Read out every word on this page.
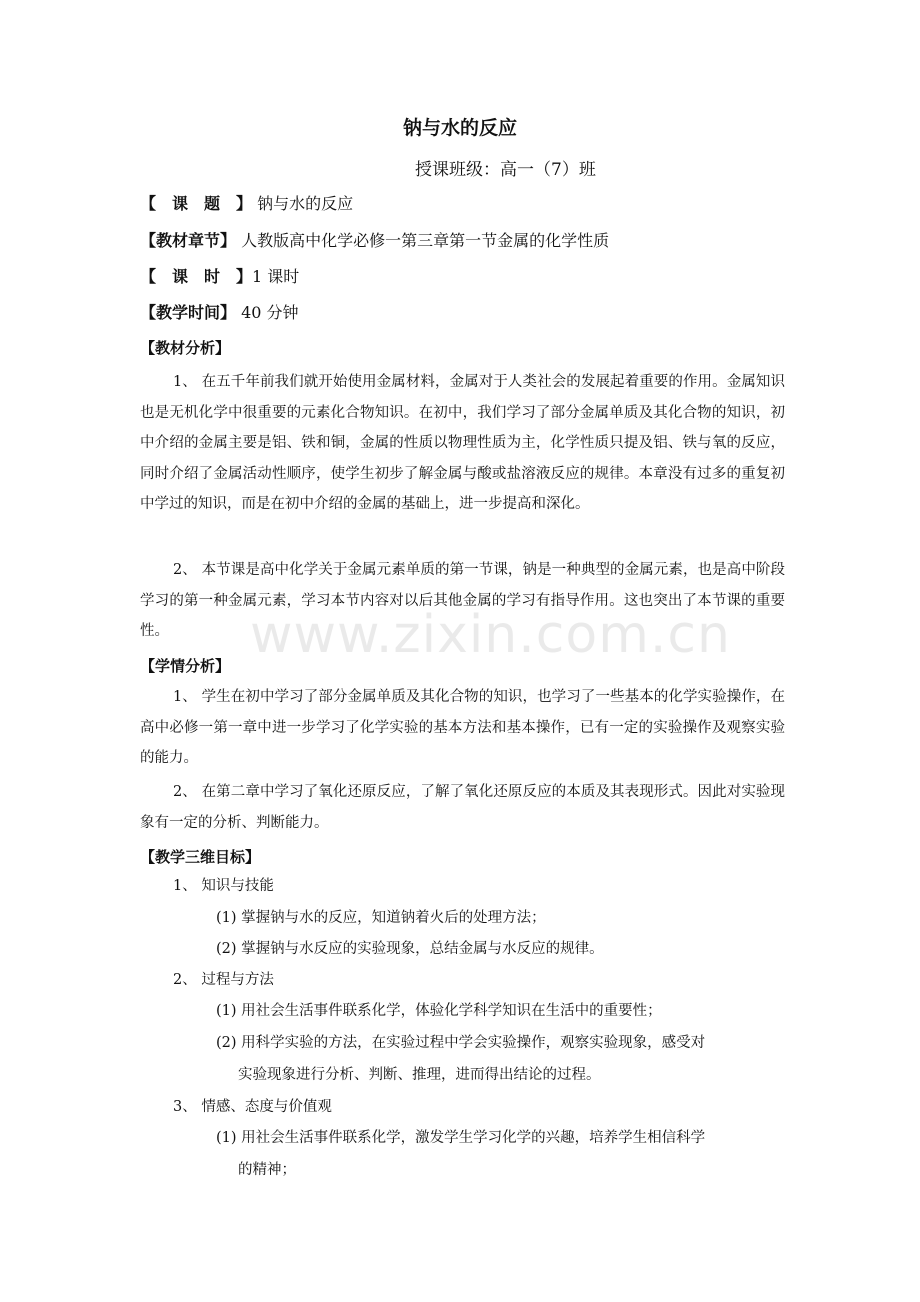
www.zixin.com.cn
钠与水的反应
授课班级：高一（7）班
【　课　题　】 钠与水的反应
【教材章节】 人教版高中化学必修一第三章第一节金属的化学性质
【　课　时　】1 课时
【教学时间】 40 分钟
【教材分析】
1、 在五千年前我们就开始使用金属材料，金属对于人类社会的发展起着重要的作用。金属知识也是无机化学中很重要的元素化合物知识。在初中，我们学习了部分金属单质及其化合物的知识，初中介绍的金属主要是铝、铁和铜，金属的性质以物理性质为主，化学性质只提及铝、铁与氧的反应，同时介绍了金属活动性顺序，使学生初步了解金属与酸或盐溶液反应的规律。本章没有过多的重复初中学过的知识，而是在初中介绍的金属的基础上，进一步提高和深化。
2、 本节课是高中化学关于金属元素单质的第一节课，钠是一种典型的金属元素，也是高中阶段学习的第一种金属元素，学习本节内容对以后其他金属的学习有指导作用。这也突出了本节课的重要性。
【学情分析】
1、 学生在初中学习了部分金属单质及其化合物的知识，也学习了一些基本的化学实验操作，在高中必修一第一章中进一步学习了化学实验的基本方法和基本操作，已有一定的实验操作及观察实验的能力。
2、 在第二章中学习了氧化还原反应，了解了氧化还原反应的本质及其表现形式。因此对实验现象有一定的分析、判断能力。
【教学三维目标】
1、 知识与技能
(1) 掌握钠与水的反应，知道钠着火后的处理方法；
(2) 掌握钠与水反应的实验现象，总结金属与水反应的规律。
2、 过程与方法
(1) 用社会生活事件联系化学，体验化学科学知识在生活中的重要性；
(2) 用科学实验的方法，在实验过程中学会实验操作，观察实验现象，感受对
实验现象进行分析、判断、推理，进而得出结论的过程。
3、 情感、态度与价值观
(1) 用社会生活事件联系化学，激发学生学习化学的兴趣，培养学生相信科学
的精神；
